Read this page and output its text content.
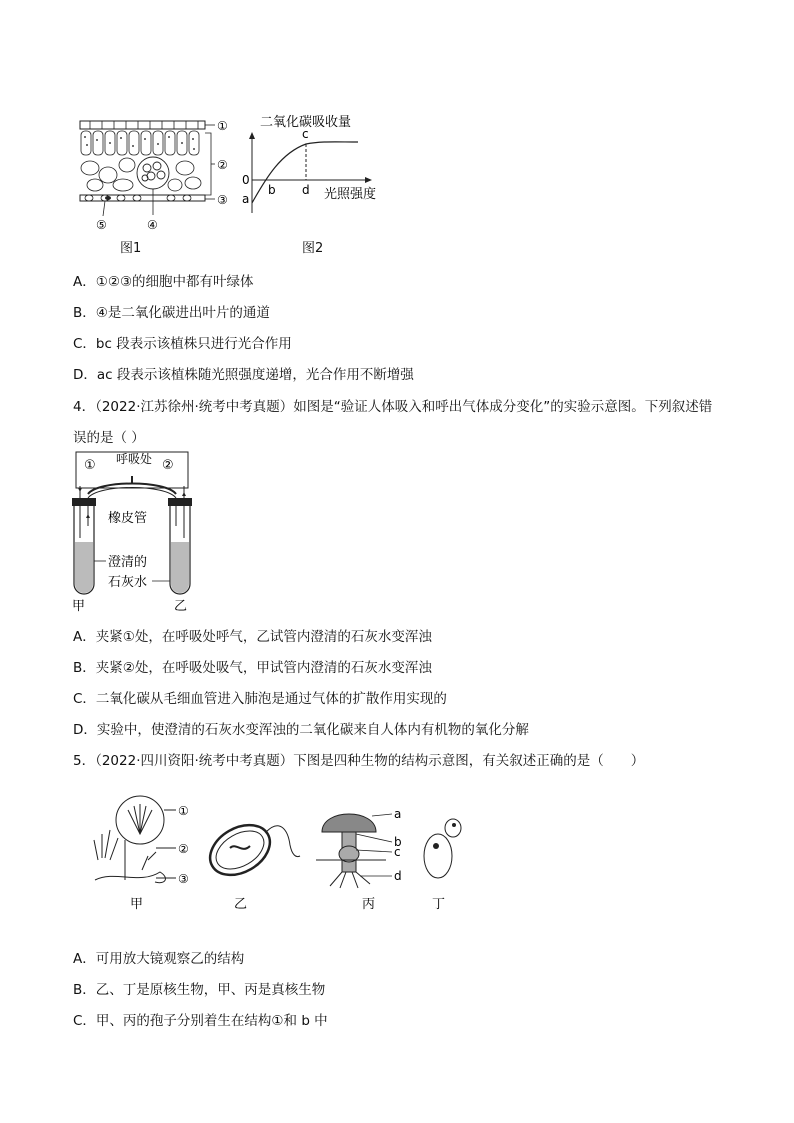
①
②
③
④
⑤
图1
二氧化碳吸收量
0
a
b
c
d 光照强度
图2
A．①②③的细胞中都有叶绿体
B．④是二氧化碳进出叶片的通道
C．bc 段表示该植株只进行光合作用
D．ac 段表示该植株随光照强度递增，光合作用不断增强
4．（2022·江苏徐州·统考中考真题）如图是“验证人体吸入和呼出气体成分变化”的实验示意图。下列叙述错
误的是（ ）
呼吸处
①	②
橡皮管
澄清的
石灰水
甲	乙
A．夹紧①处，在呼吸处呼气，乙试管内澄清的石灰水变浑浊
B．夹紧②处，在呼吸处吸气，甲试管内澄清的石灰水变浑浊
C．二氧化碳从毛细血管进入肺泡是通过气体的扩散作用实现的
D．实验中，使澄清的石灰水变浑浊的二氧化碳来自人体内有机物的氧化分解
5．（2022·四川资阳·统考中考真题）下图是四种生物的结构示意图，有关叙述正确的是（　　）
①
②
③
甲	乙
a
b
c
d
丙	丁
A．可用放大镜观察乙的结构
B．乙、丁是原核生物，甲、丙是真核生物
C．甲、丙的孢子分别着生在结构①和 b 中
